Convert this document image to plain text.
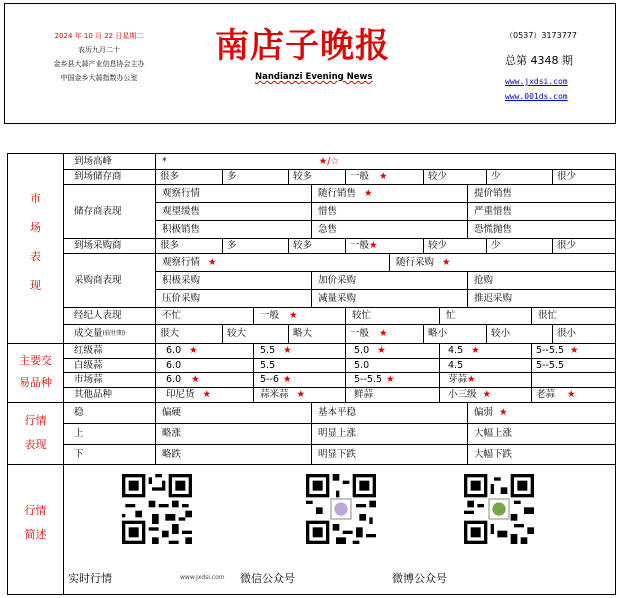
2024 年 10 月 22 日星期二
农历九月二十
金乡县大蒜产业信息协会主办
中国金乡大蒜指数办公室
南店子晚报
Nandianzi Evening News
（0537）3173777
总第 4348 期
www.jxdsi.com
www.001ds.com
市
场
表
现
主要交
易品种
行情
表现
行情
简述
到场高峰	*	★/☆
到场储存商	很多	多	较多	一般 ★	较少	少	很少
储存商表现
观察行情	随行销售 ★	提价销售
观望缓售	惜售	严重惜售
积极销售	急售	恐慌抛售
到场采购商	很多	多	较多	一般 ★	较少	少	很少
采购商表现
观察行情 ★	随行采购 ★
积极采购	加价采购	抢购
压价采购	减量采购	推迟采购
经纪人表现	不忙	一般 ★	较忙	忙	很忙
成交量 (较往期)	很大	较大	略大	一般 ★	略小	较小	很小
红级蒜	6.0 ★	5.5 ★	5.0 ★	4.5 ★	5--5.5 ★
白级蒜	6.0	5.5	5.0	4.5	5--5.5
市场蒜	6.0 ★	5--6 ★	5--5.5 ★	芽蒜 ★
其他品种	印尼货 ★	蒜米蒜 ★	鲜蒜	小三级 ★	老蒜 ★
稳	偏硬	基本平稳	偏弱 ★
上	略涨	明显上涨	大幅上涨
下	略跌	明显下跌	大幅下跌
实时行情	www.jxdsi.com 微信公众号	微博公众号
